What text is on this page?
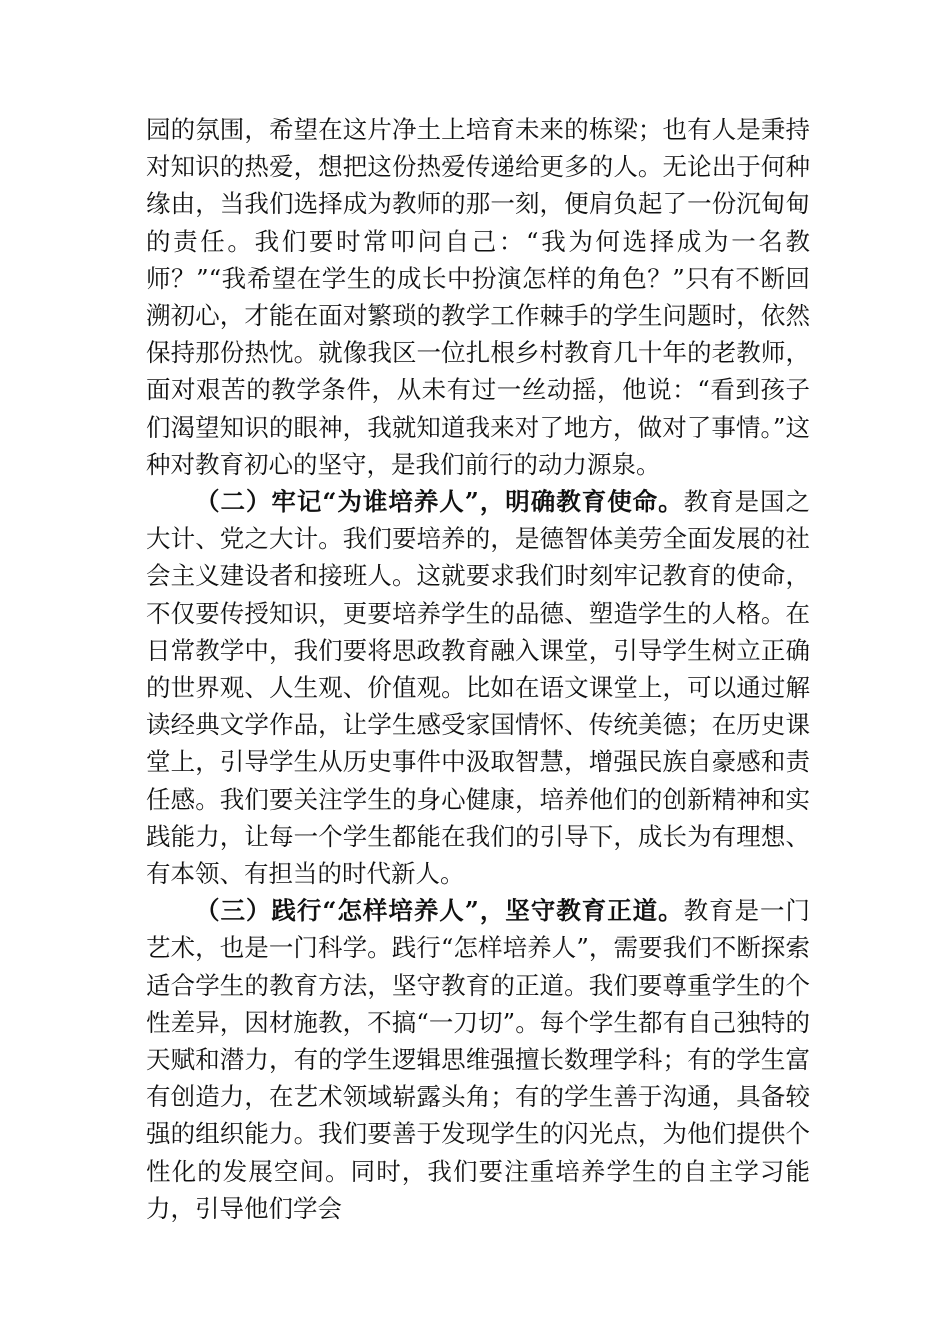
园的氛围，希望在这片净土上培育未来的栋梁；也有人是秉持对知识的热爱，想把这份热爱传递给更多的人。无论出于何种缘由，当我们选择成为教师的那一刻，便肩负起了一份沉甸甸的责任。我们要时常叩问自己：“我为何选择成为一名教师？”“我希望在学生的成长中扮演怎样的角色？”只有不断回溯初心，才能在面对繁琐的教学工作棘手的学生问题时，依然保持那份热忱。就像我区一位扎根乡村教育几十年的老教师，面对艰苦的教学条件，从未有过一丝动摇，他说：“看到孩子们渴望知识的眼神，我就知道我来对了地方，做对了事情。”这种对教育初心的坚守，是我们前行的动力源泉。

（二）牢记“为谁培养人”，明确教育使命。教育是国之大计、党之大计。我们要培养的，是德智体美劳全面发展的社会主义建设者和接班人。这就要求我们时刻牢记教育的使命，不仅要传授知识，更要培养学生的品德、塑造学生的人格。在日常教学中，我们要将思政教育融入课堂，引导学生树立正确的世界观、人生观、价值观。比如在语文课堂上，可以通过解读经典文学作品，让学生感受家国情怀、传统美德；在历史课堂上，引导学生从历史事件中汲取智慧，增强民族自豪感和责任感。我们要关注学生的身心健康，培养他们的创新精神和实践能力，让每一个学生都能在我们的引导下，成长为有理想、有本领、有担当的时代新人。

（三）践行“怎样培养人”，坚守教育正道。教育是一门艺术，也是一门科学。践行“怎样培养人”，需要我们不断探索适合学生的教育方法，坚守教育的正道。我们要尊重学生的个性差异，因材施教，不搞“一刀切”。每个学生都有自己独特的天赋和潜力，有的学生逻辑思维强擅长数理学科；有的学生富有创造力，在艺术领域崭露头角；有的学生善于沟通，具备较强的组织能力。我们要善于发现学生的闪光点，为他们提供个性化的发展空间。同时，我们要注重培养学生的自主学习能力，引导他们学会
